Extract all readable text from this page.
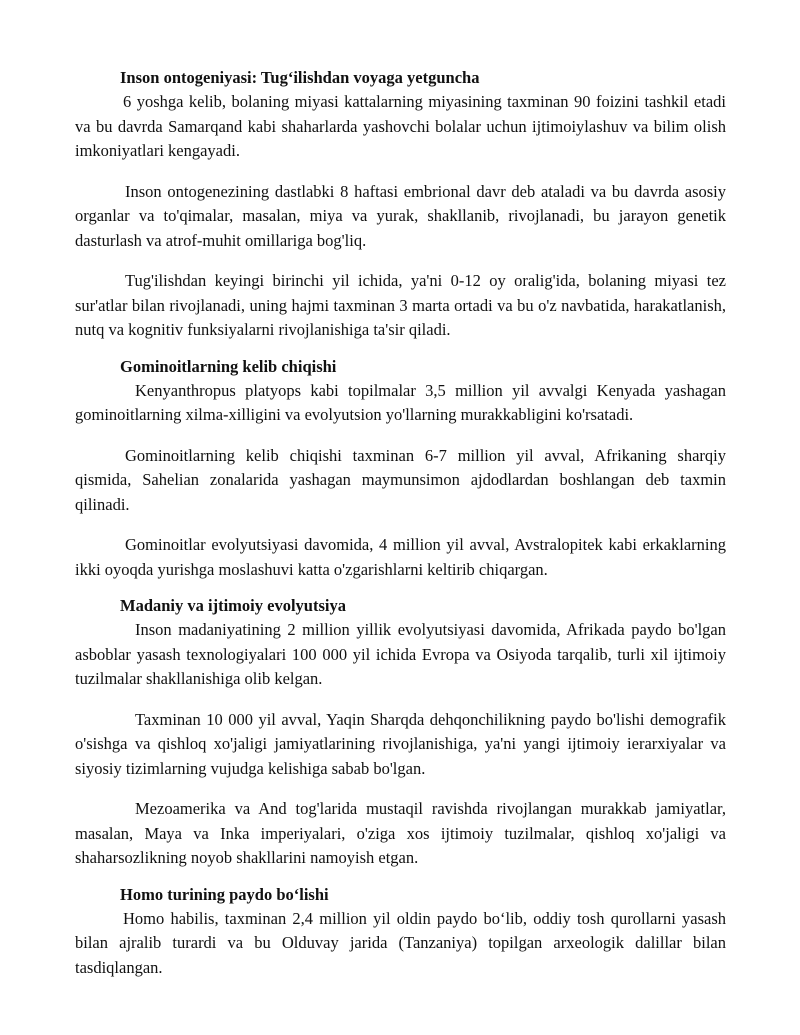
Inson ontogeniyasi: Tug‘ilishdan voyaga yetguncha

6 yoshga kelib, bolaning miyasi kattalarning miyasining taxminan 90 foizini tashkil etadi va bu davrda Samarqand kabi shaharlarda yashovchi bolalar uchun ijtimoiylashuv va bilim olish imkoniyatlari kengayadi.

Inson ontogenezining dastlabki 8 haftasi embrional davr deb ataladi va bu davrda asosiy organlar va to'qimalar, masalan, miya va yurak, shakllanib, rivojlanadi, bu jarayon genetik dasturlash va atrof-muhit omillariga bog'liq.

Tug'ilishdan keyingi birinchi yil ichida, ya'ni 0-12 oy oralig'ida, bolaning miyasi tez sur'atlar bilan rivojlanadi, uning hajmi taxminan 3 marta ortadi va bu o'z navbatida, harakatlanish, nutq va kognitiv funksiyalarni rivojlanishiga ta'sir qiladi.

Gominoitlarning kelib chiqishi

Kenyanthropus platyops kabi topilmalar 3,5 million yil avvalgi Kenyada yashagan gominoitlarning xilma-xilligini va evolyutsion yo'llarning murakkabligini ko'rsatadi.

Gominoitlarning kelib chiqishi taxminan 6-7 million yil avval, Afrikaning sharqiy qismida, Sahelian zonalarida yashagan maymunsimon ajdodlardan boshlangan deb taxmin qilinadi.

Gominoitlar evolyutsiyasi davomida, 4 million yil avval, Avstralopitek kabi erkaklarning ikki oyoqda yurishga moslashuvi katta o'zgarishlarni keltirib chiqargan.

Madaniy va ijtimoiy evolyutsiya

Inson madaniyatining 2 million yillik evolyutsiyasi davomida, Afrikada paydo bo'lgan asboblar yasash texnologiyalari 100 000 yil ichida Evropa va Osiyoda tarqalib, turli xil ijtimoiy tuzilmalar shakllanishiga olib kelgan.

Taxminan 10 000 yil avval, Yaqin Sharqda dehqonchilikning paydo bo'lishi demografik o'sishga va qishloq xo'jaligi jamiyatlarining rivojlanishiga, ya'ni yangi ijtimoiy ierarxiyalar va siyosiy tizimlarning vujudga kelishiga sabab bo'lgan.

Mezoamerika va And tog'larida mustaqil ravishda rivojlangan murakkab jamiyatlar, masalan, Maya va Inka imperiyalari, o'ziga xos ijtimoiy tuzilmalar, qishloq xo'jaligi va shaharsozlikning noyob shakllarini namoyish etgan.

Homo turining paydo bo‘lishi

Homo habilis, taxminan 2,4 million yil oldin paydo bo‘lib, oddiy tosh qurollarni yasash bilan ajralib turardi va bu Olduvay jarida (Tanzaniya) topilgan arxeologik dalillar bilan tasdiqlangan.
